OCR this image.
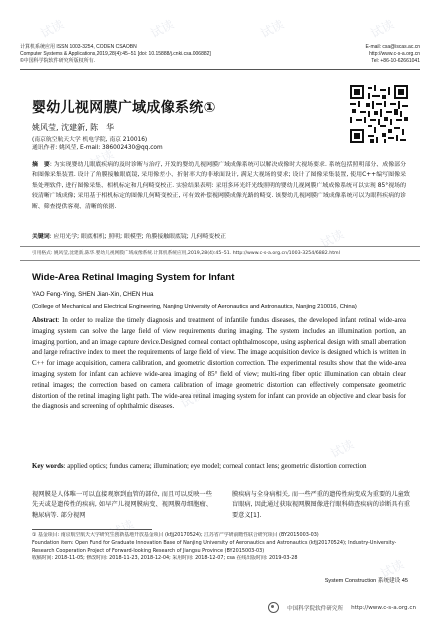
计算机系统应用 ISSN 1003-3254, CODEN CSAOBN
Computer Systems & Applications,2019,28(4):45−51 [doi: 10.15888/j.cnki.csa.006882]
©中国科学院软件研究所版权所有.
E-mail: csa@iscas.ac.cn
http://www.c-s-a.org.cn
Tel: +86-10-62661041
婴幼儿视网膜广域成像系统①
姚风莹, 沈建新, 陈　华
(南京航空航天大学 机电学院, 南京 210016)
通讯作者: 姚风莹, E-mail: 386002430@qq.com
摘　要: 为实现婴幼儿眼底疾病的及时诊断与治疗, 开发的婴幼儿视网膜广域成像系统可以解决成像时大视场要求. 系统包括照明部分、成像部分和图像采集装置. 设计了角膜接触眼底镜, 采用像差小、折射率大的非球面设计, 满足大视场的要求; 设计了图像采集装置, 使用C++编写图像采集处理软件, 进行图像采集、相机标定和几何畸变校正. 实验结果表明: 采用多环光纤光线照明的婴幼儿视网膜广域成像系统可以实现 85°视场的较清晰广域成像; 采用基于相机标定的图像几何畸变校正, 可有效补偿视网膜成像光路的畸变. 该婴幼儿视网膜广域成像系统可以为眼科疾病的诊断、筛查提供客观、清晰的依据.
关键词: 应用光学; 眼底相机; 照明; 眼模型; 角膜接触眼底镜; 几何畸变校正
引用格式: 姚风莹,沈建新,陈华.婴幼儿视网膜广域成像系统.计算机系统应用,2019,28(4):45–51. http://www.c-s-a.org.cn/1003-3254/6882.html
Wide-Area Retinal Imaging System for Infant
YAO Feng-Ying, SHEN Jian-Xin, CHEN Hua
(College of Mechanical and Electrical Engineering, Nanjing University of Aeronautics and Astronautics, Nanjing 210016, China)
Abstract: In order to realize the timely diagnosis and treatment of infantile fundus diseases, the developed infant retinal wide-area imaging system can solve the large field of view requirements during imaging. The system includes an illumination portion, an imaging portion, and an image capture device.Designed corneal contact ophthalmoscope, using aspherical design with small aberration and large refractive index to meet the requirements of large field of view. The image acquisition device is designed which is written in C++ for image acquisition, camera calibration, and geometric distortion correction. The experimental results show that the wide-area imaging system for infant can achieve wide-area imaging of 85° field of view; multi-ring fiber optic illumination can obtain clear retinal images; the correction based on camera calibration of image geometric distortion can effectively compensate geometric distortion of the retinal imaging light path. The wide-area retinal imaging system for infant can provide an objective and clear basis for the diagnosis and screening of ophthalmic diseases.
Key words: applied optics; fundus camera; illumination; eye model; corneal contact lens; geometric distortion correction
视网膜是人体唯一可以直接观察到血管的部位, 而且可以反映一些先天或是遗传性的疾病, 如早产儿视网膜病变、视网膜母细胞瘤、糖尿病等. 部分视网
膜疾病与全身病相关, 而一些严重的遗传性病变成为重要的儿童致盲眼病, 因此通过获取视网膜图像进行眼科筛查疾病的诊断具有重要意义[1].
① 基金项目: 南京航空航天大学研究生创新基地开放基金项目 (kfjj20170524); 江苏省产学研前瞻性联合研究项目 (BY2015003-03)
Foundation item: Open Fund for Graduate Innovation Base of Nanjing University of Aeronautics and Astronautics (kfjj20170524); Industry-University-
Research Cooperation Project of Forward-looking Research of Jiangsu Province (BY2015003-03)
收稿时间: 2018-11-05; 修改时间: 2018-11-23, 2018-12-04; 采用时间: 2018-12-07; csa 在线出版时间: 2019-03-28
System Construction 系统建设 45
中国科学院软件研究所 http://www.c-s-a.org.cn
试读	试读	试读	试读
试读
试读
试读
试读
试读
试读
试读
试读
